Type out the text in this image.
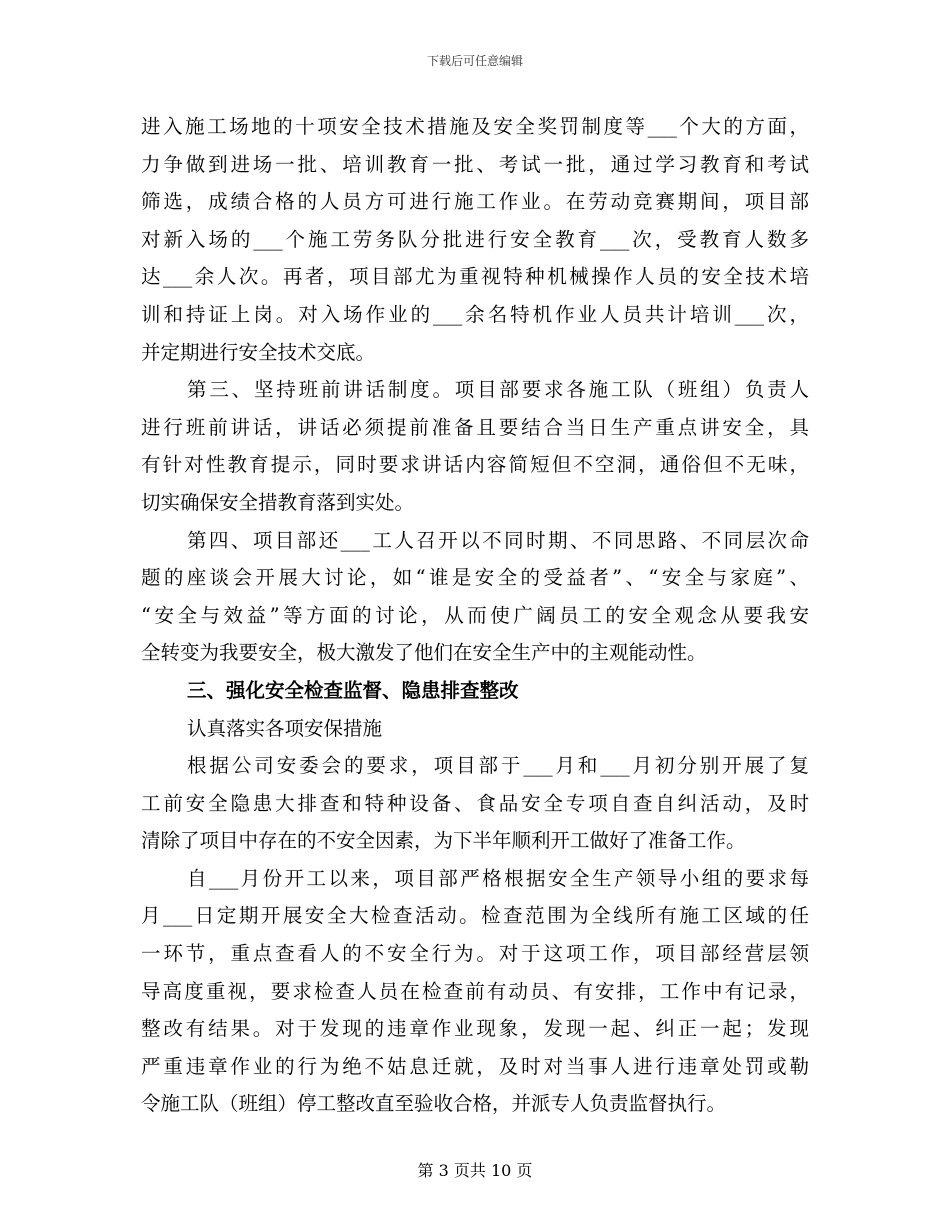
下载后可任意编辑
进入施工场地的十项安全技术措施及安全奖罚制度等___个大的方面，
力争做到进场一批、培训教育一批、考试一批，通过学习教育和考试
筛选，成绩合格的人员方可进行施工作业。在劳动竞赛期间，项目部
对新入场的___个施工劳务队分批进行安全教育___次，受教育人数多
达___余人次。再者，项目部尤为重视特种机械操作人员的安全技术培
训和持证上岗。对入场作业的___余名特机作业人员共计培训___次，
并定期进行安全技术交底。
第三、坚持班前讲话制度。项目部要求各施工队（班组）负责人
进行班前讲话，讲话必须提前准备且要结合当日生产重点讲安全，具
有针对性教育提示，同时要求讲话内容简短但不空洞，通俗但不无味，
切实确保安全措教育落到实处。
第四、项目部还___工人召开以不同时期、不同思路、不同层次命
题的座谈会开展大讨论，如“谁是安全的受益者”、“安全与家庭”、
“安全与效益”等方面的讨论，从而使广阔员工的安全观念从要我安
全转变为我要安全，极大激发了他们在安全生产中的主观能动性。
三、强化安全检查监督、隐患排查整改
认真落实各项安保措施
根据公司安委会的要求，项目部于___月和___月初分别开展了复
工前安全隐患大排查和特种设备、食品安全专项自查自纠活动，及时
清除了项目中存在的不安全因素，为下半年顺利开工做好了准备工作。
自___月份开工以来，项目部严格根据安全生产领导小组的要求每
月___日定期开展安全大检查活动。检查范围为全线所有施工区域的任
一环节，重点查看人的不安全行为。对于这项工作，项目部经营层领
导高度重视，要求检查人员在检查前有动员、有安排，工作中有记录，
整改有结果。对于发现的违章作业现象，发现一起、纠正一起；发现
严重违章作业的行为绝不姑息迁就，及时对当事人进行违章处罚或勒
令施工队（班组）停工整改直至验收合格，并派专人负责监督执行。
第 3 页共 10 页
